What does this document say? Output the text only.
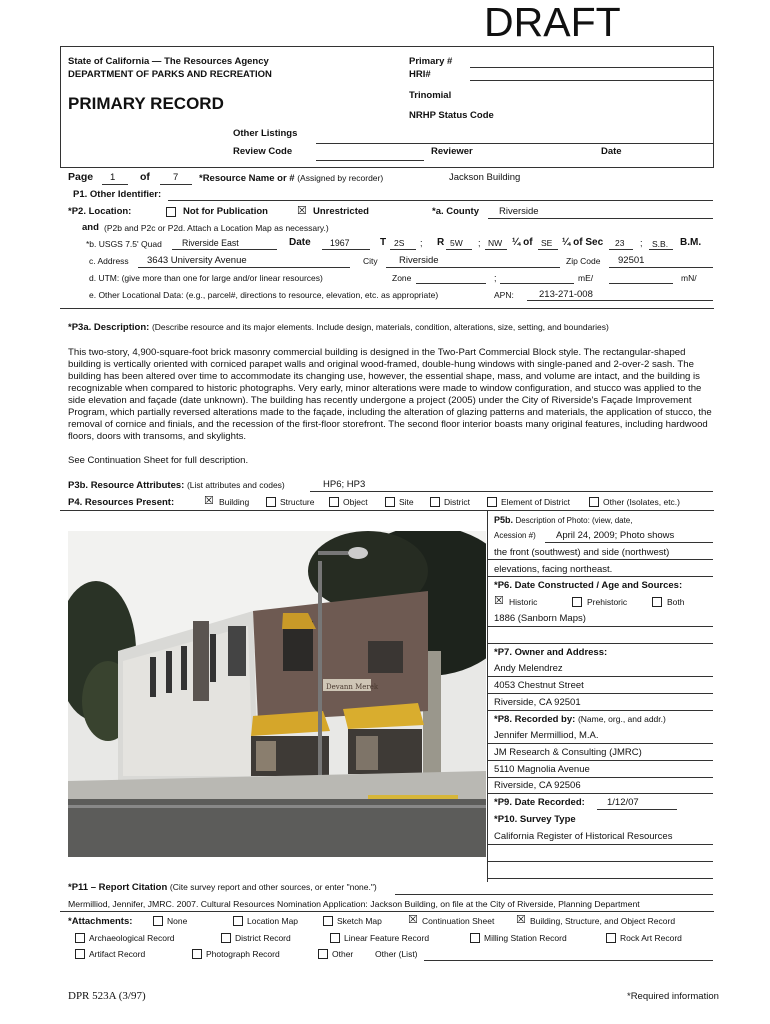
DRAFT
State of California — The Resources Agency
DEPARTMENT OF PARKS AND RECREATION
PRIMARY RECORD
Primary #
HRI#
Trinomial
NRHP Status Code
Other Listings
Review Code	Reviewer	Date
Page 1 of 7 *Resource Name or # (Assigned by recorder)	Jackson Building
P1. Other Identifier:
*P2. Location:	Not for Publication	☒ Unrestricted	*a. County Riverside
and (P2b and P2c or P2d. Attach a Location Map as necessary.)
*b. USGS 7.5' Quad Riverside East	Date 1967	T 2S ; R 5W ; NW ¼ of SE ¼ of Sec 23 ; S.B. B.M.
c. Address 3643 University Avenue	City Riverside	Zip Code 92501
d. UTM: (give more than one for large and/or linear resources)	Zone	;	mE/	mN/
e. Other Locational Data: (e.g., parcel#, directions to resource, elevation, etc. as appropriate)	APN:	213-271-008
*P3a. Description: (Describe resource and its major elements. Include design, materials, condition, alterations, size, setting, and boundaries)
This two-story, 4,900-square-foot brick masonry commercial building is designed in the Two-Part Commercial Block style. The rectangular-shaped building is vertically oriented with corniced parapet walls and original wood-framed, double-hung windows with single-paned and 2-over-2 sash. The building has been altered over time to accommodate its changing use, however, the essential shape, mass, and volume are intact, and the building is recognizable when compared to historic photographs. Very early, minor alterations were made to window configuration, and stucco was applied to the side elevation and façade (date unknown). The building has recently undergone a project (2005) under the City of Riverside's Façade Improvement Program, which partially reversed alterations made to the façade, including the alteration of glazing patterns and materials, the application of stucco, the removal of cornice and finials, and the recession of the first-floor storefront. The second floor interior boasts many original features, including hardwood floors, doors with transoms, and skylights.
See Continuation Sheet for full description.
P3b. Resource Attributes: (List attributes and codes)	HP6; HP3
P4. Resources Present:	☒ Building	Structure	Object	Site	District	Element of District	Other (Isolates, etc.)
Devann Merek
P5b. Description of Photo: (view, date,
Acession #) April 24, 2009; Photo shows
the front (southwest) and side (northwest)
elevations, facing northeast.
*P6. Date Constructed / Age and Sources:
☒ Historic	Prehistoric	Both
1886 (Sanborn Maps)
*P7. Owner and Address:
Andy Melendrez
4053 Chestnut Street
Riverside, CA 92501
*P8. Recorded by: (Name, org., and addr.)
Jennifer Mermilliod, M.A.
JM Research & Consulting (JMRC)
5110 Magnolia Avenue
Riverside, CA 92506
*P9. Date Recorded: 1/12/07
*P10. Survey Type
California Register of Historical Resources
*P11 – Report Citation (Cite survey report and other sources, or enter "none.")
Mermilliod, Jennifer, JMRC. 2007. Cultural Resources Nomination Application: Jackson Building, on file at the City of Riverside, Planning Department
*Attachments:	None	Location Map	Sketch Map ☒ Continuation Sheet ☒ Building, Structure, and Object Record
Archaeological Record	District Record	Linear Feature Record	Milling Station Record	Rock Art Record
Artifact Record	Photograph Record	Other	Other (List)
DPR 523A (3/97)	*Required information
